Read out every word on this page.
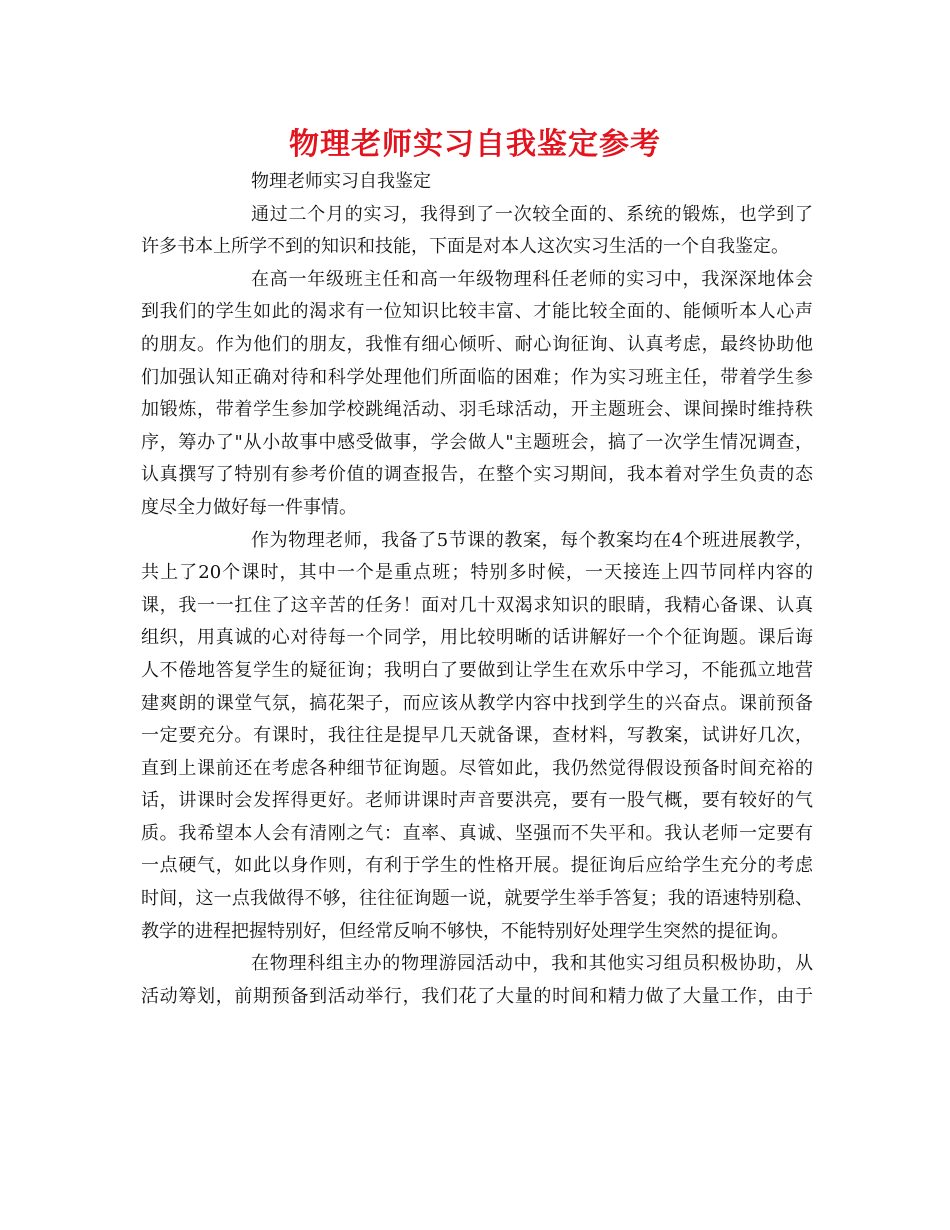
物理老师实习自我鉴定参考
物理老师实习自我鉴定
通过二个月的实习，我得到了一次较全面的、系统的锻炼，也学到了
许多书本上所学不到的知识和技能，下面是对本人这次实习生活的一个自我鉴定。
在高一年级班主任和高一年级物理科任老师的实习中，我深深地体会
到我们的学生如此的渴求有一位知识比较丰富、才能比较全面的、能倾听本人心声
的朋友。作为他们的朋友，我惟有细心倾听、耐心询征询、认真考虑，最终协助他
们加强认知正确对待和科学处理他们所面临的困难；作为实习班主任，带着学生参
加锻炼，带着学生参加学校跳绳活动、羽毛球活动，开主题班会、课间操时维持秩
序，筹办了"从小故事中感受做事，学会做人"主题班会，搞了一次学生情况调查，
认真撰写了特别有参考价值的调查报告，在整个实习期间，我本着对学生负责的态
度尽全力做好每一件事情。
作为物理老师，我备了5节课的教案，每个教案均在4个班进展教学，
共上了20个课时，其中一个是重点班；特别多时候，一天接连上四节同样内容的
课，我一一扛住了这辛苦的任务！面对几十双渴求知识的眼睛，我精心备课、认真
组织，用真诚的心对待每一个同学，用比较明晰的话讲解好一个个征询题。课后诲
人不倦地答复学生的疑征询；我明白了要做到让学生在欢乐中学习，不能孤立地营
建爽朗的课堂气氛，搞花架子，而应该从教学内容中找到学生的兴奋点。课前预备
一定要充分。有课时，我往往是提早几天就备课，查材料，写教案，试讲好几次，
直到上课前还在考虑各种细节征询题。尽管如此，我仍然觉得假设预备时间充裕的
话，讲课时会发挥得更好。老师讲课时声音要洪亮，要有一股气概，要有较好的气
质。我希望本人会有清刚之气：直率、真诚、坚强而不失平和。我认老师一定要有
一点硬气，如此以身作则，有利于学生的性格开展。提征询后应给学生充分的考虑
时间，这一点我做得不够，往往征询题一说，就要学生举手答复；我的语速特别稳、
教学的进程把握特别好，但经常反响不够快，不能特别好处理学生突然的提征询。
在物理科组主办的物理游园活动中，我和其他实习组员积极协助，从
活动筹划，前期预备到活动举行，我们花了大量的时间和精力做了大量工作，由于
